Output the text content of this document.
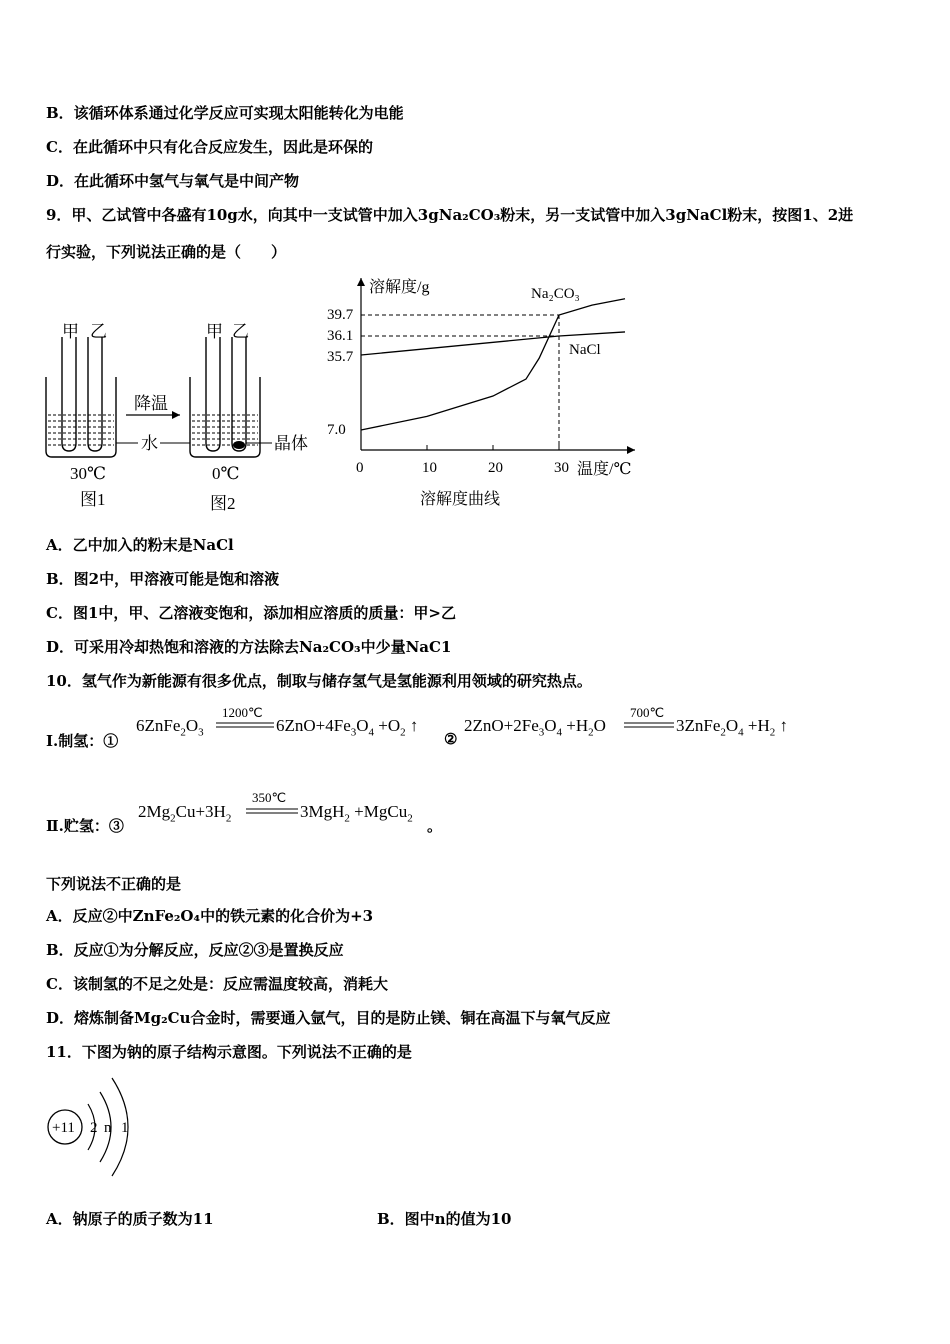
B．该循环体系通过化学反应可实现太阳能转化为电能
C．在此循环中只有化合反应发生，因此是环保的
D．在此循环中氢气与氧气是中间产物
9．甲、乙试管中各盛有10g水，向其中一支试管中加入3gNa₂CO₃粉末，另一支试管中加入3gNaCl粉末，按图1、2进
行实验，下列说法正确的是（　　）
甲 乙	甲 乙
降温
水	晶体
30℃	0℃
图1	图2
0	10	20	30
7.0
35.7
36.1
39.7
Na₂CO₃
NaCl
溶解度/g
温度/℃
溶解度曲线
A．乙中加入的粉末是NaCl
B．图2中，甲溶液可能是饱和溶液
C．图1中，甲、乙溶液变饱和，添加相应溶质的质量：甲>乙
D．可采用冷却热饱和溶液的方法除去Na₂CO₃中少量NaC1
10．氢气作为新能源有很多优点，制取与储存氢气是氢能源利用领域的研究热点。
Ⅰ.制氢：①
$6ZnFe_2O_3$
1200℃
$6ZnO+4Fe_3O_4 +O_2$ ↑
②
$2ZnO+2Fe_3O_4 +H_2O$
700℃
$3ZnFe_2O_4 +H_2$ ↑
Ⅱ.贮氢：③
$2Mg_2Cu+3H_2$
350℃
3MgH$_2$ +MgCu$_2$ 。
下列说法不正确的是
A．反应②中ZnFe₂O₄中的铁元素的化合价为+3
B．反应①为分解反应，反应②③是置换反应
C．该制氢的不足之处是：反应需温度较高，消耗大
D．熔炼制备Mg₂Cu合金时，需要通入氩气，目的是防止镁、铜在高温下与氧气反应
11．下图为钠的原子结构示意图。下列说法不正确的是
+11 2 n 1
A．钠原子的质子数为11	B．图中n的值为10
